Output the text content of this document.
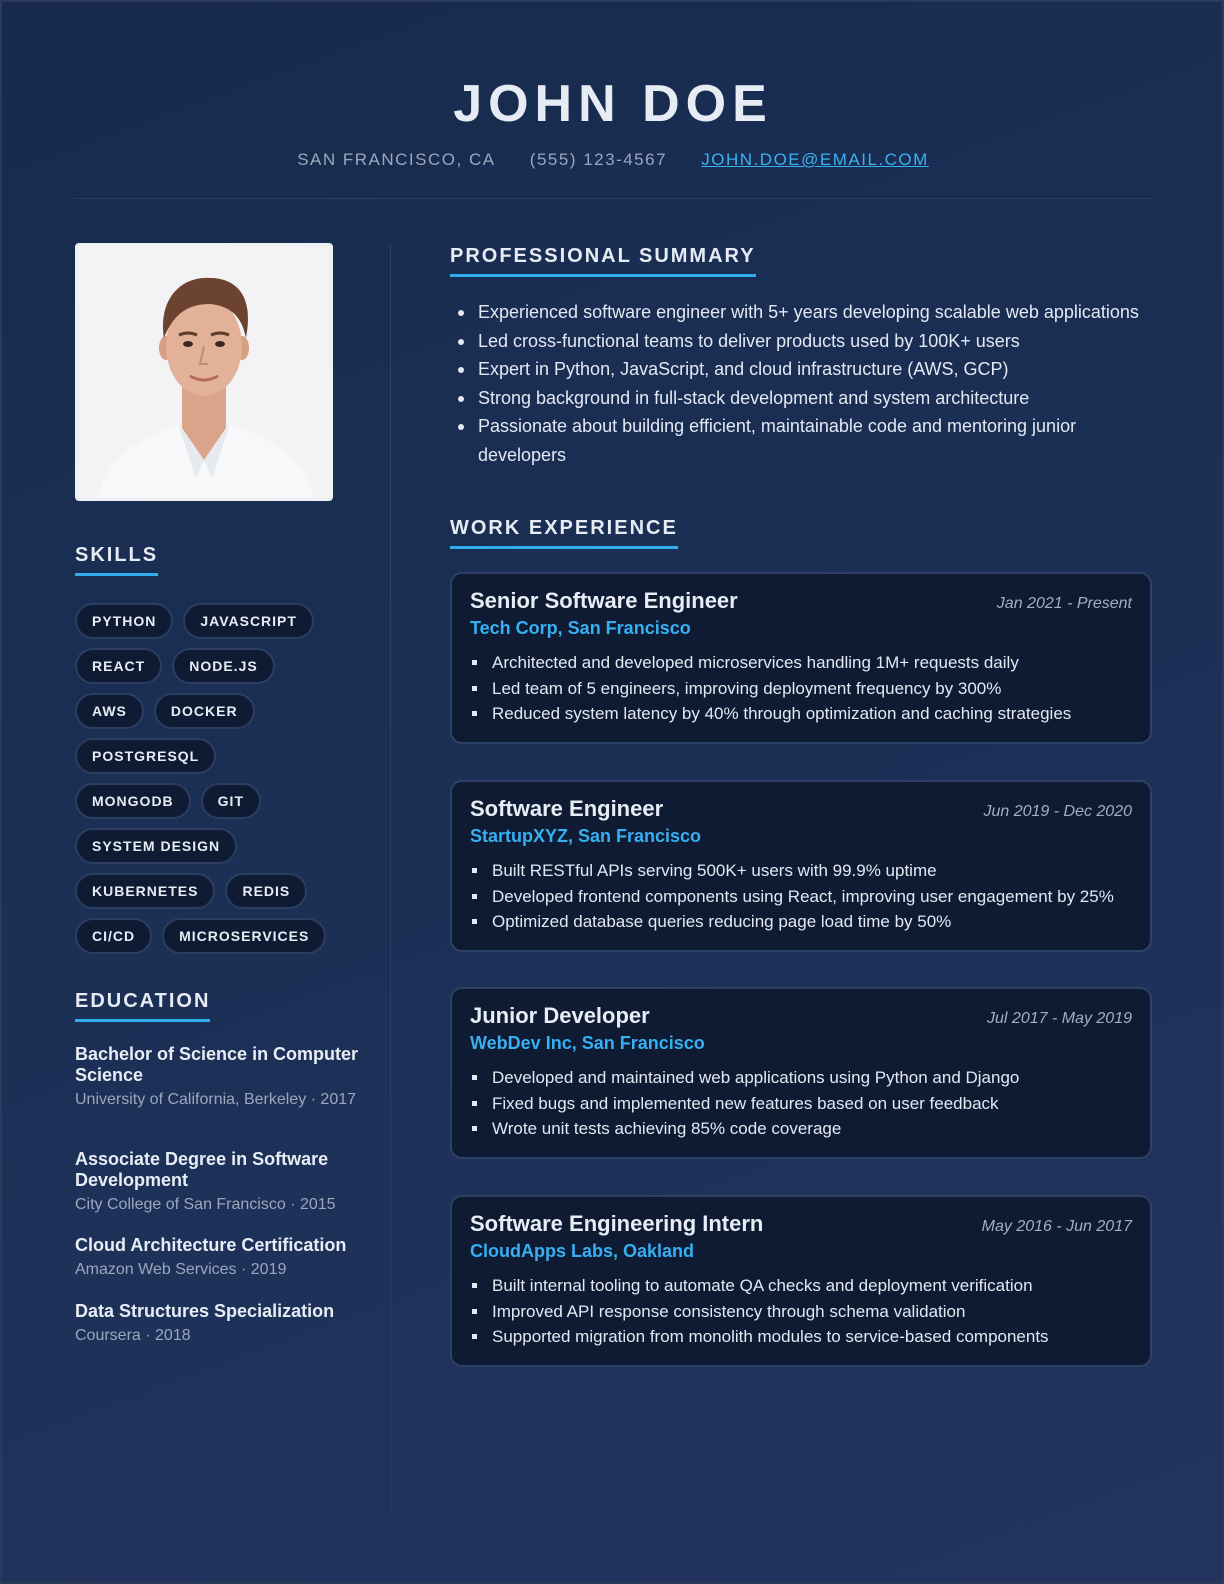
JOHN DOE
SAN FRANCISCO, CA (555) 123-4567 JOHN.DOE@EMAIL.COM
SKILLS
PYTHON	JAVASCRIPT
REACT	NODE.JS
AWS	DOCKER
POSTGRESQL
MONGODB	GIT
SYSTEM DESIGN
KUBERNETES	REDIS
CI/CD	MICROSERVICES
EDUCATION
Bachelor of Science in Computer Science
University of California, Berkeley · 2017
Associate Degree in Software Development
City College of San Francisco · 2015
Cloud Architecture Certification
Amazon Web Services · 2019
Data Structures Specialization
Coursera · 2018
PROFESSIONAL SUMMARY
Experienced software engineer with 5+ years developing scalable web applications
Led cross-functional teams to deliver products used by 100K+ users
Expert in Python, JavaScript, and cloud infrastructure (AWS, GCP)
Strong background in full-stack development and system architecture
Passionate about building efficient, maintainable code and mentoring junior developers
WORK EXPERIENCE
Senior Software Engineer	Jan 2021 - Present
Tech Corp, San Francisco
Architected and developed microservices handling 1M+ requests daily
Led team of 5 engineers, improving deployment frequency by 300%
Reduced system latency by 40% through optimization and caching strategies
Software Engineer	Jun 2019 - Dec 2020
StartupXYZ, San Francisco
Built RESTful APIs serving 500K+ users with 99.9% uptime
Developed frontend components using React, improving user engagement by 25%
Optimized database queries reducing page load time by 50%
Junior Developer	Jul 2017 - May 2019
WebDev Inc, San Francisco
Developed and maintained web applications using Python and Django
Fixed bugs and implemented new features based on user feedback
Wrote unit tests achieving 85% code coverage
Software Engineering Intern	May 2016 - Jun 2017
CloudApps Labs, Oakland
Built internal tooling to automate QA checks and deployment verification
Improved API response consistency through schema validation
Supported migration from monolith modules to service-based components
